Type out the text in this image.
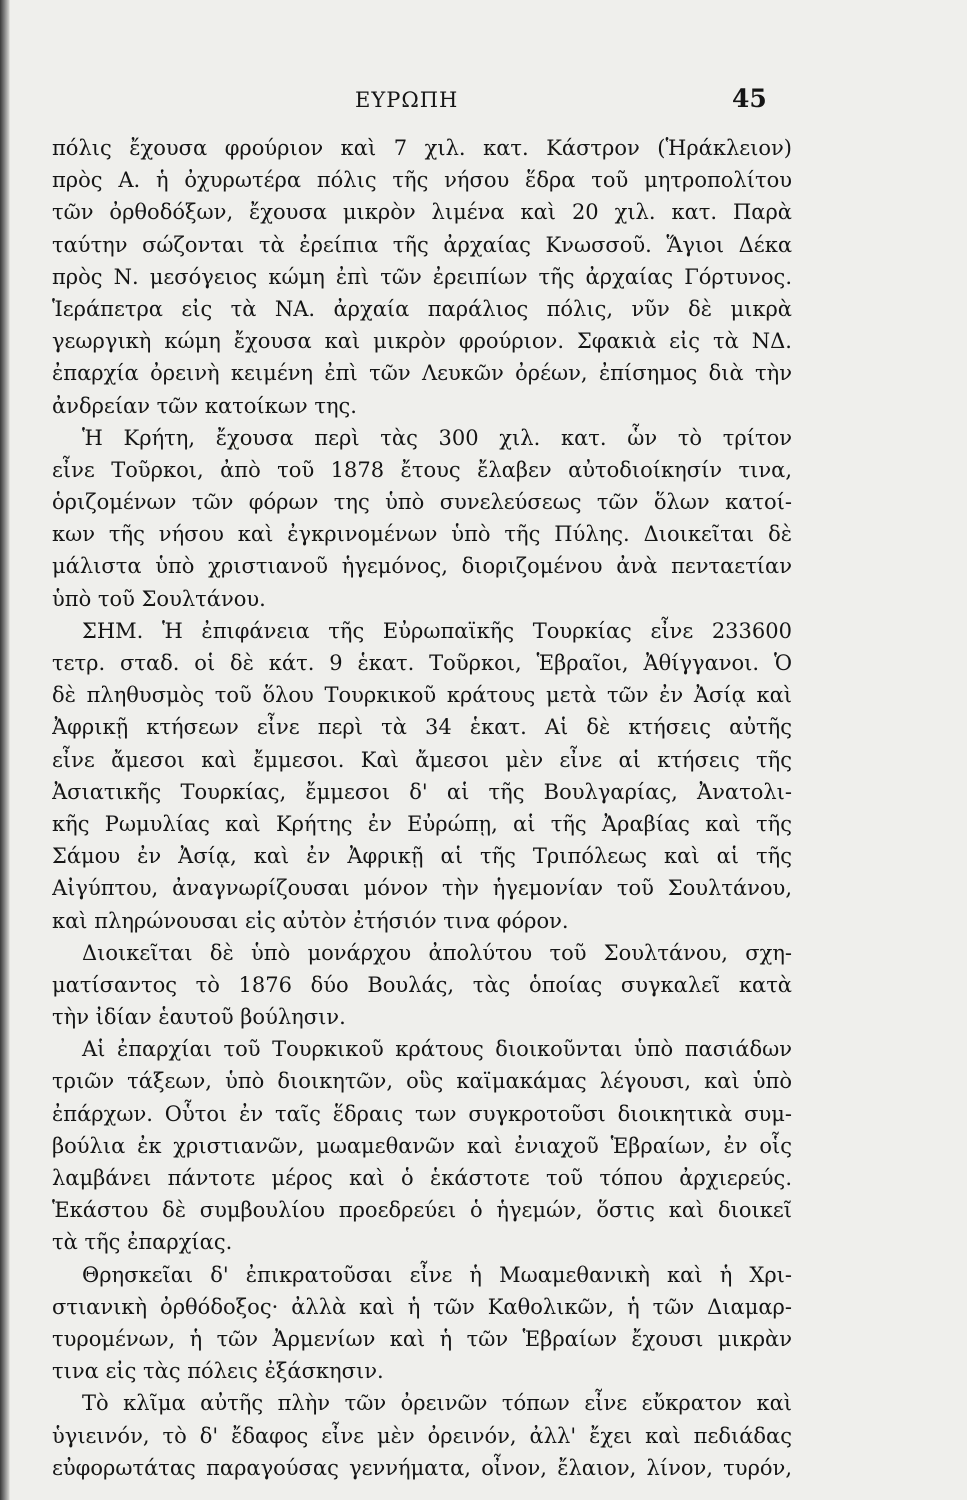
ΕΥΡΩΠΗ	45
πόλις ἔχουσα φρούριον καὶ 7 χιλ. κατ. Κάστρον (Ἡράκλειον)
πρὸς Α. ἡ ὀχυρωτέρα πόλις τῆς νήσου ἕδρα τοῦ μητροπολίτου
τῶν ὀρθοδόξων, ἔχουσα μικρὸν λιμένα καὶ 20 χιλ. κατ. Παρὰ
ταύτην σώζονται τὰ ἐρείπια τῆς ἀρχαίας Κνωσσοῦ. Ἅγιοι Δέκα
πρὸς Ν. μεσόγειος κώμη ἐπὶ τῶν ἐρειπίων τῆς ἀρχαίας Γόρτυνος.
Ἱεράπετρα εἰς τὰ ΝΑ. ἀρχαία παράλιος πόλις, νῦν δὲ μικρὰ
γεωργικὴ κώμη ἔχουσα καὶ μικρὸν φρούριον. Σφακιὰ εἰς τὰ ΝΔ.
ἐπαρχία ὀρεινὴ κειμένη ἐπὶ τῶν Λευκῶν ὀρέων, ἐπίσημος διὰ τὴν
ἀνδρείαν τῶν κατοίκων της.
Ἡ Κρήτη, ἔχουσα περὶ τὰς 300 χιλ. κατ. ὧν τὸ τρίτον
εἶνε Τοῦρκοι, ἀπὸ τοῦ 1878 ἔτους ἔλαβεν αὐτοδιοίκησίν τινα,
ὁριζομένων τῶν φόρων της ὑπὸ συνελεύσεως τῶν ὅλων κατοί-
κων τῆς νήσου καὶ ἐγκρινομένων ὑπὸ τῆς Πύλης. Διοικεῖται δὲ
μάλιστα ὑπὸ χριστιανοῦ ἡγεμόνος, διοριζομένου ἀνὰ πενταετίαν
ὑπὸ τοῦ Σουλτάνου.
ΣΗΜ. Ἡ ἐπιφάνεια τῆς Εὐρωπαϊκῆς Τουρκίας εἶνε 233600
τετρ. σταδ. οἱ δὲ κάτ. 9 ἑκατ. Τοῦρκοι, Ἑβραῖοι, Ἀθίγγανοι. Ὁ
δὲ πληθυσμὸς τοῦ ὅλου Τουρκικοῦ κράτους μετὰ τῶν ἐν Ἀσίᾳ καὶ
Ἀφρικῇ κτήσεων εἶνε περὶ τὰ 34 ἑκατ. Αἱ δὲ κτήσεις αὐτῆς
εἶνε ἄμεσοι καὶ ἔμμεσοι. Καὶ ἄμεσοι μὲν εἶνε αἱ κτήσεις τῆς
Ἀσιατικῆς Τουρκίας, ἔμμεσοι δ' αἱ τῆς Βουλγαρίας, Ἀνατολι-
κῆς Ρωμυλίας καὶ Κρήτης ἐν Εὐρώπῃ, αἱ τῆς Ἀραβίας καὶ τῆς
Σάμου ἐν Ἀσίᾳ, καὶ ἐν Ἀφρικῇ αἱ τῆς Τριπόλεως καὶ αἱ τῆς
Αἰγύπτου, ἀναγνωρίζουσαι μόνον τὴν ἡγεμονίαν τοῦ Σουλτάνου,
καὶ πληρώνουσαι εἰς αὐτὸν ἐτήσιόν τινα φόρον.
Διοικεῖται δὲ ὑπὸ μονάρχου ἀπολύτου τοῦ Σουλτάνου, σχη-
ματίσαντος τὸ 1876 δύο Βουλάς, τὰς ὁποίας συγκαλεῖ κατὰ
τὴν ἰδίαν ἑαυτοῦ βούλησιν.
Αἱ ἐπαρχίαι τοῦ Τουρκικοῦ κράτους διοικοῦνται ὑπὸ πασιάδων
τριῶν τάξεων, ὑπὸ διοικητῶν, οὓς καϊμακάμας λέγουσι, καὶ ὑπὸ
ἐπάρχων. Οὗτοι ἐν ταῖς ἕδραις των συγκροτοῦσι διοικητικὰ συμ-
βούλια ἐκ χριστιανῶν, μωαμεθανῶν καὶ ἐνιαχοῦ Ἑβραίων, ἐν οἷς
λαμβάνει πάντοτε μέρος καὶ ὁ ἑκάστοτε τοῦ τόπου ἀρχιερεύς.
Ἑκάστου δὲ συμβουλίου προεδρεύει ὁ ἡγεμών, ὅστις καὶ διοικεῖ
τὰ τῆς ἐπαρχίας.
Θρησκεῖαι δ' ἐπικρατοῦσαι εἶνε ἡ Μωαμεθανικὴ καὶ ἡ Χρι-
στιανικὴ ὀρθόδοξος· ἀλλὰ καὶ ἡ τῶν Καθολικῶν, ἡ τῶν Διαμαρ-
τυρομένων, ἡ τῶν Ἀρμενίων καὶ ἡ τῶν Ἑβραίων ἔχουσι μικρὰν
τινα εἰς τὰς πόλεις ἐξάσκησιν.
Τὸ κλῖμα αὐτῆς πλὴν τῶν ὀρεινῶν τόπων εἶνε εὔκρατον καὶ
ὑγιεινόν, τὸ δ' ἔδαφος εἶνε μὲν ὀρεινόν, ἀλλ' ἔχει καὶ πεδιάδας
εὐφορωτάτας παραγούσας γεννήματα, οἶνον, ἔλαιον, λίνον, τυρόν,
